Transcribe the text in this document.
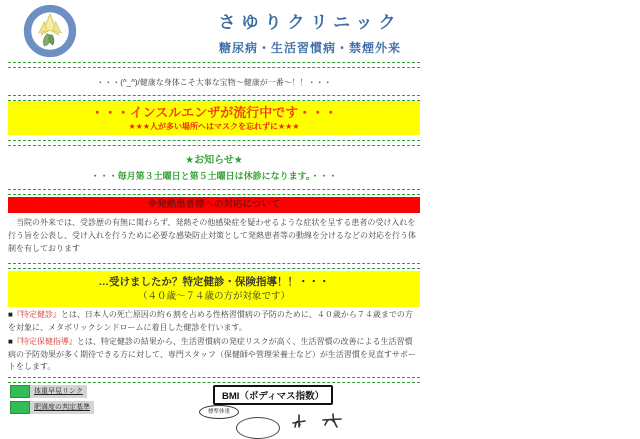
さゆりクリニック
糖尿病・生活習慣病・禁煙外来
・・・(^_^)/健康な身体こそ大事な宝物～健康が一番～！！・・・
・・・インスルエンザが流行中です・・・
★★★人が多い場所へはマスクを忘れずに★★★
★お知らせ★
・・・毎月第３土曜日と第５土曜日は休診になります。・・・
※発熱患者様への対応について

　当院の外来では、受診歴の有無に関わらず、発熱その他感染症を疑わせるような症状を呈する患者の受け入れを行う旨を公表し、受け入れを行うために必要な感染防止対策として発熱患者等の動線を分けるなどの対応を行う体制を有しております

…受けましたか？特定健診・保険指導！！・・・
（４０歳～７４歳の方が対象です）

■『特定健診』とは、日本人の死亡原因の約６割を占める性格習慣病の予防のために、４０歳から７４歳までの方を対象に、メタボリックシンドロームに着目した健診を行います。

■『特定保健指導』とは、特定健診の結果から、生活習慣病の発症リスクが高く、生活習慣の改善による生活習慣病の予防効果が多く期待できる方に対して、専門スタッフ（保健師や管理栄養士など）が生活習慣を見直すサポートをします。

体重早見リンク
肥満度の判定基準
BMI（ボディマス指数）
標準体重
